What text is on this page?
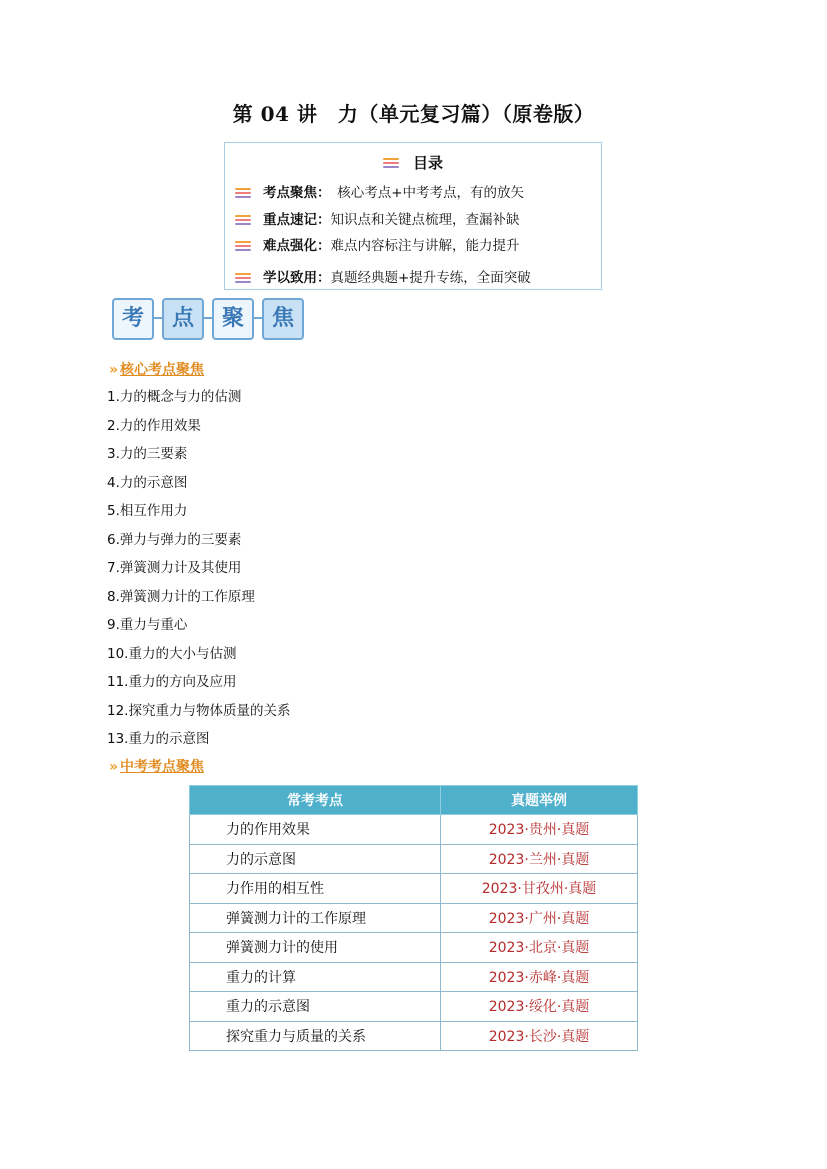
第 04 讲　力（单元复习篇）（原卷版）
目录
考点聚焦：　核心考点+中考考点，有的放矢
重点速记：知识点和关键点梳理，查漏补缺
难点强化：难点内容标注与讲解，能力提升
学以致用：真题经典题+提升专练，全面突破
考	点	聚	焦
» 核心考点聚焦
1.力的概念与力的估测
2.力的作用效果
3.力的三要素
4.力的示意图
5.相互作用力
6.弹力与弹力的三要素
7.弹簧测力计及其使用
8.弹簧测力计的工作原理
9.重力与重心
10.重力的大小与估测
11.重力的方向及应用
12.探究重力与物体质量的关系
13.重力的示意图
» 中考考点聚焦
常考考点	真题举例
力的作用效果	2023·贵州·真题
力的示意图	2023·兰州·真题
力作用的相互性	2023·甘孜州·真题
弹簧测力计的工作原理	2023·广州·真题
弹簧测力计的使用	2023·北京·真题
重力的计算	2023·赤峰·真题
重力的示意图	2023·绥化·真题
探究重力与质量的关系	2023·长沙·真题
